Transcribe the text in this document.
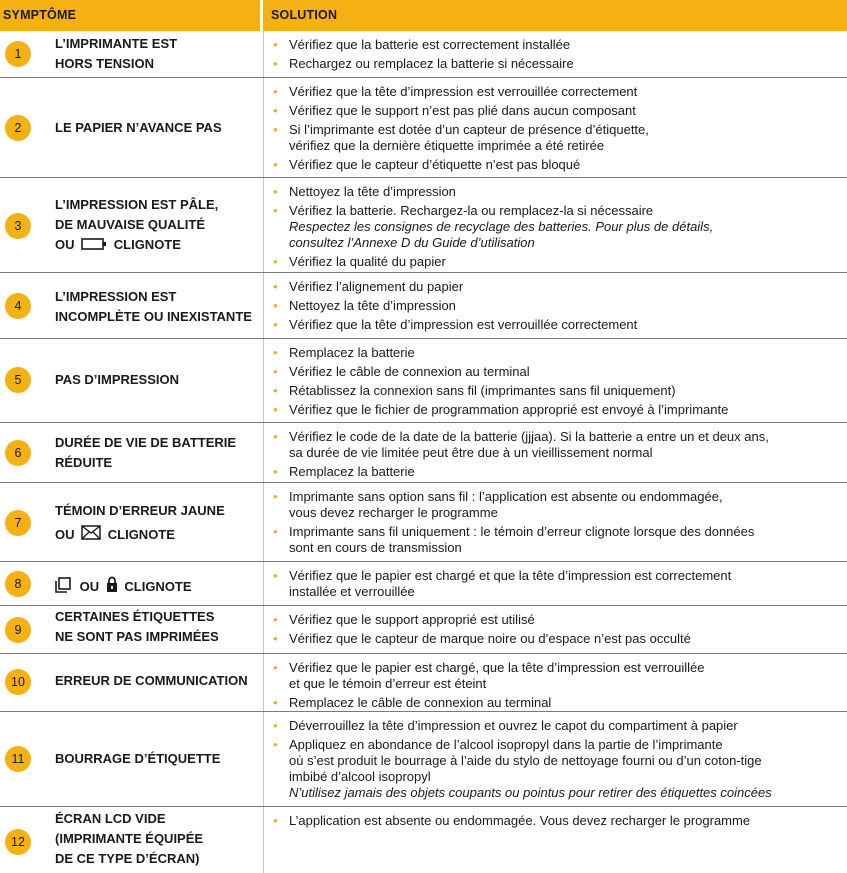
SYMPTÔME	SOLUTION
1
L’IMPRIMANTE EST
HORS TENSION
• Vérifiez que la batterie est correctement installée
• Rechargez ou remplacez la batterie si nécessaire
2	LE PAPIER N’AVANCE PAS
• Vérifiez que la tête d’impression est verrouillée correctement
• Vérifiez que le support n’est pas plié dans aucun composant
• Si l’imprimante est dotée d’un capteur de présence d’étiquette,
vérifiez que la dernière étiquette imprimée a été retirée
• Vérifiez que le capteur d’étiquette n’est pas bloqué
3
L’IMPRESSION EST PÂLE,
DE MAUVAISE QUALITÉ
OU	CLIGNOTE
• Nettoyez la tête d’impression
• Vérifiez la batterie. Rechargez-la ou remplacez-la si nécessaire
Respectez les consignes de recyclage des batteries. Pour plus de détails,
consultez l’Annexe D du Guide d’utilisation
• Vérifiez la qualité du papier
4
L’IMPRESSION EST
INCOMPLÈTE OU INEXISTANTE
• Vérifiez l’alignement du papier
• Nettoyez la tête d’impression
• Vérifiez que la tête d’impression est verrouillée correctement
5	PAS D’IMPRESSION
• Remplacez la batterie
• Vérifiez le câble de connexion au terminal
• Rétablissez la connexion sans fil (imprimantes sans fil uniquement)
• Vérifiez que le fichier de programmation approprié est envoyé à l’imprimante
6
DURÉE DE VIE DE BATTERIE
RÉDUITE
• Vérifiez le code de la date de la batterie (jjjaa). Si la batterie a entre un et deux ans,
sa durée de vie limitée peut être due à un vieillissement normal
• Remplacez la batterie
7
TÉMOIN D’ERREUR JAUNE
OU	CLIGNOTE
• Imprimante sans option sans fil : l’application est absente ou endommagée,
vous devez recharger le programme
• Imprimante sans fil uniquement : le témoin d’erreur clignote lorsque des données
sont en cours de transmission
8	OU CLIGNOTE
• Vérifiez que le papier est chargé et que la tête d’impression est correctement
installée et verrouillée
9
CERTAINES ÉTIQUETTES
NE SONT PAS IMPRIMÉES
• Vérifiez que le support approprié est utilisé
• Vérifiez que le capteur de marque noire ou d’espace n’est pas occulté
10	ERREUR DE COMMUNICATION
• Vérifiez que le papier est chargé, que la tête d’impression est verrouillée
et que le témoin d’erreur est éteint
• Remplacez le câble de connexion au terminal
11	BOURRAGE D’ÉTIQUETTE
• Déverrouillez la tête d’impression et ouvrez le capot du compartiment à papier
• Appliquez en abondance de l’alcool isopropyl dans la partie de l’imprimante
où s’est produit le bourrage à l’aide du stylo de nettoyage fourni ou d’un coton-tige
imbibé d’alcool isopropyl
N’utilisez jamais des objets coupants ou pointus pour retirer des étiquettes coincées
12
ÉCRAN LCD VIDE
(IMPRIMANTE ÉQUIPÉE
DE CE TYPE D’ÉCRAN)
• L’application est absente ou endommagée. Vous devez recharger le programme
